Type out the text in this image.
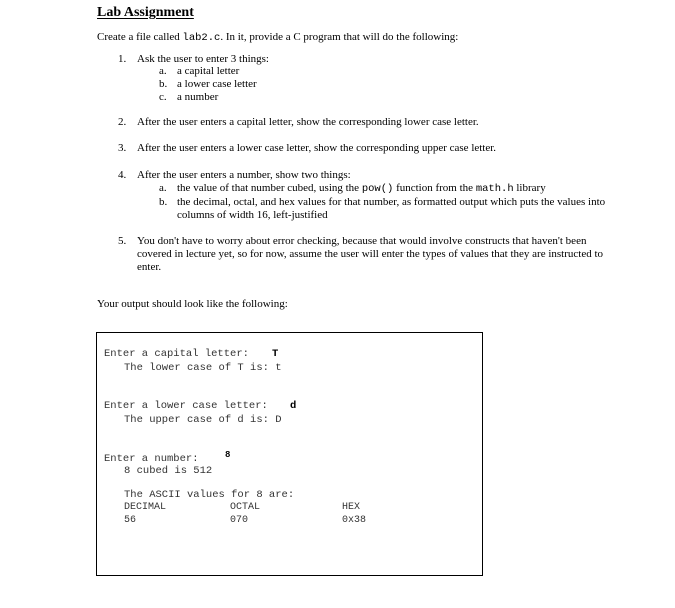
Lab Assignment
Create a file called lab2.c. In it, provide a C program that will do the following:
1. Ask the user to enter 3 things:
a. a capital letter
b. a lower case letter
c. a number
2. After the user enters a capital letter, show the corresponding lower case letter.
3. After the user enters a lower case letter, show the corresponding upper case letter.
4. After the user enters a number, show two things:
a. the value of that number cubed, using the pow() function from the math.h library
b. the decimal, octal, and hex values for that number, as formatted output which puts the values into columns of width 16, left-justified
5. You don't have to worry about error checking, because that would involve constructs that haven't been covered in lecture yet, so for now, assume the user will enter the types of values that they are instructed to enter.
Your output should look like the following:
Enter a capital letter: T
The lower case of T is: t
Enter a lower case letter: d
The upper case of d is: D
Enter a number:	8
8 cubed is 512
The ASCII values for 8 are:
DECIMAL	OCTAL	HEX
56	070	0x38
